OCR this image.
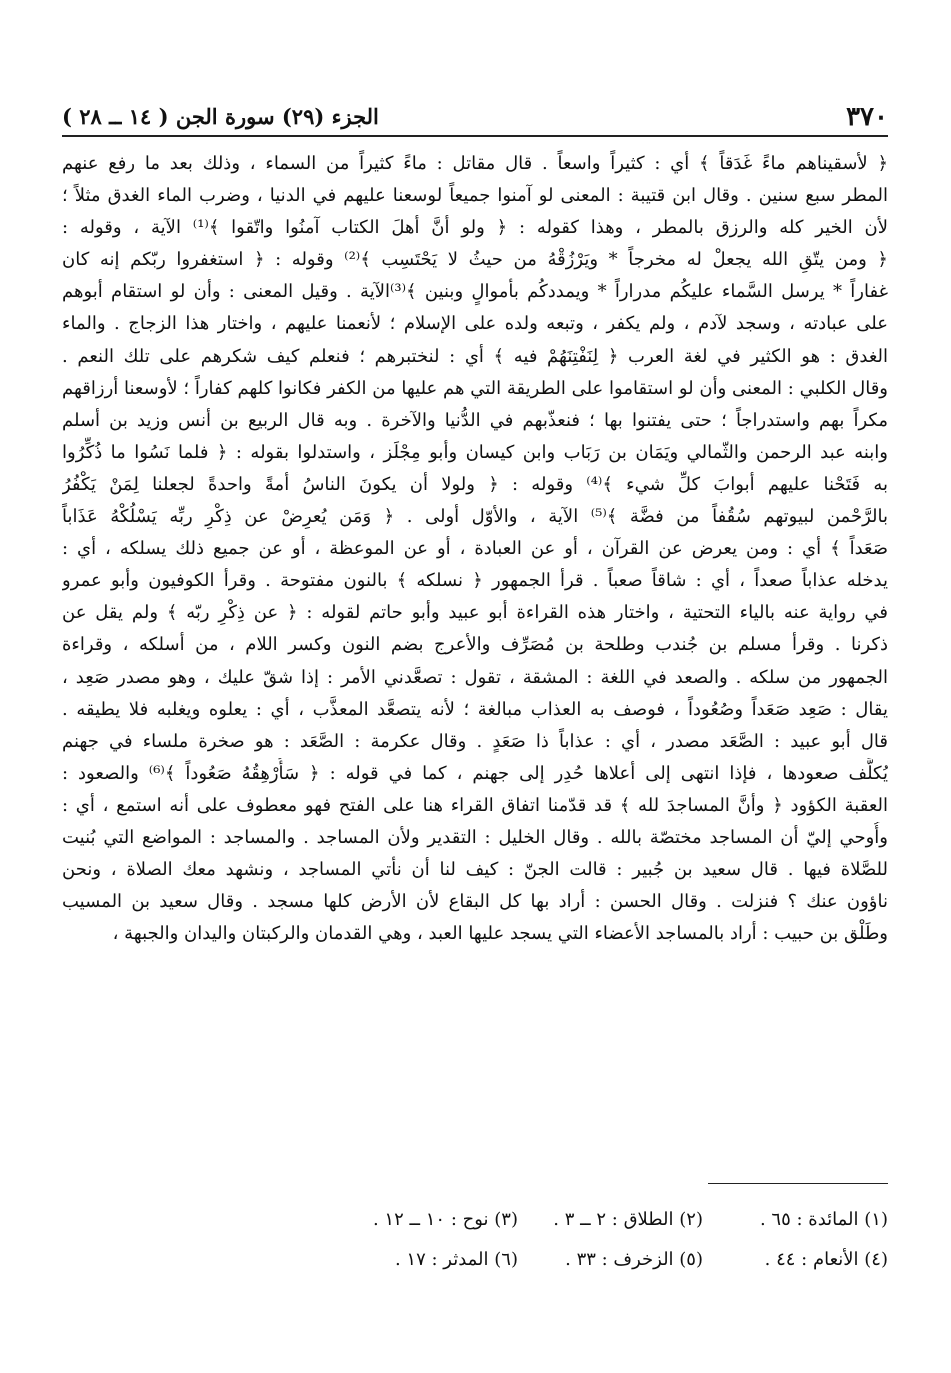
٣٧٠
الجزء (٢٩) سورة الجن ( ١٤ ــ ٢٨ )
﴿ لأسقيناهم ماءً غَدَقاً ﴾ أي : كثيراً واسعاً . قال مقاتل : ماءً كثيراً من السماء ، وذلك بعد ما رفع عنهم
المطر سبع سنين . وقال ابن قتيبة : المعنى لو آمنوا جميعاً لوسعنا عليهم في الدنيا ، وضرب الماء الغدق مثلاً ؛
لأن الخير كله والرزق بالمطر ، وهذا كقوله : ﴿ ولو أنَّ أهلَ الكتاب آمنُوا واتّقوا ﴾⁽¹⁾ الآية ، وقوله :
﴿ ومن يتّقِ الله يجعلْ له مخرجاً * ويَرْزُقْهُ من حيثُ لا يَحْتَسِب ﴾⁽²⁾ وقوله : ﴿ استغفروا ربّكم إنه كان
غفاراً * يرسل السَّماء عليكُم مدراراً * ويمددكُم بأموالٍ وبنين ﴾⁽³⁾الآية . وقيل المعنى : وأن لو استقام أبوهم
على عبادته ، وسجد لآدم ، ولم يكفر ، وتبعه ولده على الإسلام ؛ لأنعمنا عليهم ، واختار هذا الزجاج . والماء
الغدق : هو الكثير في لغة العرب ﴿ لِنَفْتِنَهُمْ فيه ﴾ أي : لنختبرهم ؛ فنعلم كيف شكرهم على تلك النعم .
وقال الكلبي : المعنى وأن لو استقاموا على الطريقة التي هم عليها من الكفر فكانوا كلهم كفاراً ؛ لأوسعنا أرزاقهم
مكراً بهم واستدراجاً ؛ حتى يفتنوا بها ؛ فنعذّبهم في الدُّنيا والآخرة . وبه قال الربيع بن أنس وزيد بن أسلم
وابنه عبد الرحمن والثّمالي ويَمَان بن رَبَاب وابن كيسان وأبو مِجْلَز ، واستدلوا بقوله : ﴿ فلما نَسُوا ما ذُكِّرُوا
به فَتَحْنا عليهم أبوابَ كلِّ شيء ﴾⁽⁴⁾ وقوله : ﴿ ولولا أن يكونَ الناسُ أمةً واحدةً لجعلنا لِمَنْ يَكْفُرُ
بالرَّحْمن لبيوتهم سُقُفاً من فضَّة ﴾⁽⁵⁾ الآية ، والأوّل أولى . ﴿ وَمَن يُعرِضْ عن ذِكْرِ ربِّه يَسْلُكْهُ عَذَاباً
صَعَداً ﴾ أي : ومن يعرض عن القرآن ، أو عن العبادة ، أو عن الموعظة ، أو عن جميع ذلك يسلكه ، أي :
يدخله عذاباً صعداً ، أي : شاقاً صعباً . قرأ الجمهور ﴿ نسلكه ﴾ بالنون مفتوحة . وقرأ الكوفيون وأبو عمرو
في رواية عنه بالياء التحتية ، واختار هذه القراءة أبو عبيد وأبو حاتم لقوله : ﴿ عن ذِكْرِ ربّه ﴾ ولم يقل عن
ذكرنا . وقرأ مسلم بن جُندب وطلحة بن مُصَرِّف والأعرج بضم النون وكسر اللام ، من أسلكه ، وقراءة
الجمهور من سلكه . والصعد في اللغة : المشقة ، تقول : تصعَّدني الأمر : إذا شقّ عليك ، وهو مصدر صَعِد ،
يقال : صَعِد صَعَداً وصُعُوداً ، فوصف به العذاب مبالغة ؛ لأنه يتصعَّد المعذَّب ، أي : يعلوه ويغلبه فلا يطيقه .
قال أبو عبيد : الصَّعَد مصدر ، أي : عذاباً ذا صَعَدٍ . وقال عكرمة : الصَّعَد : هو صخرة ملساء في جهنم
يُكلَّف صعودها ، فإذا انتهى إلى أعلاها حُدِر إلى جهنم ، كما في قوله : ﴿ سَأُرْهِقُهُ صَعُوداً ﴾⁽⁶⁾ والصعود :
العقبة الكؤود ﴿ وأنَّ المساجدَ لله ﴾ قد قدّمنا اتفاق القراء هنا على الفتح فهو معطوف على أنه استمع ، أي :
وأُوحي إليّ أن المساجد مختصّة بالله . وقال الخليل : التقدير ولأن المساجد . والمساجد : المواضع التي بُنيت
للصَّلاة فيها . قال سعيد بن جُبير : قالت الجنّ : كيف لنا أن نأتي المساجد ، ونشهد معك الصلاة ، ونحن
ناؤون عنك ؟ فنزلت . وقال الحسن : أراد بها كل البقاع لأن الأرض كلها مسجد . وقال سعيد بن المسيب
وطَلْق بن حبيب : أراد بالمساجد الأعضاء التي يسجد عليها العبد ، وهي القدمان والركبتان واليدان والجبهة ،
(١) المائدة : ٦٥ .
(٢) الطلاق : ٢ ــ ٣ .
(٣) نوح : ١٠ ــ ١٢ .
(٤) الأنعام : ٤٤ .
(٥) الزخرف : ٣٣ .
(٦) المدثر : ١٧ .
